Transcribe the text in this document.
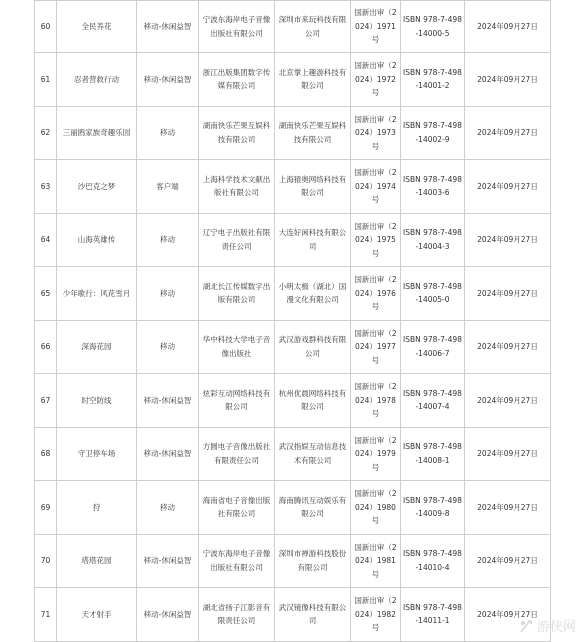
60	全民养花	移动-休闲益智	宁波东海岸电子音像出版社有限公司	深圳市来玩科技有限公司	国新出审（2024）1971号	ISBN 978-7-498-14000-5	2024年09月27日
61	忍者营救行动	移动-休闲益智	浙江出版集团数字传媒有限公司	北京掌上趣游科技有限公司	国新出审（2024）1972号	ISBN 978-7-498-14001-2	2024年09月27日
62	三丽鸥家族奇趣乐园	移动	湖南快乐芒果互娱科技有限公司	湖南快乐芒果互娱科技有限公司	国新出审（2024）1973号	ISBN 978-7-498-14002-9	2024年09月27日
63	沙巴克之梦	客户端	上海科学技术文献出版社有限公司	上海猿奥网络科技有限公司	国新出审（2024）1974号	ISBN 978-7-498-14003-6	2024年09月27日
64	山海英雄传	移动	辽宁电子出版社有限责任公司	大连好闲科技有限公司	国新出审（2024）1975号	ISBN 978-7-498-14004-3	2024年09月27日
65	少年歌行：风花雪月	移动	湖北长江传媒数字出版有限公司	小明太极（湖北）国漫文化有限公司	国新出审（2024）1976号	ISBN 978-7-498-14005-0	2024年09月27日
66	深海花园	移动	华中科技大学电子音像出版社	武汉游戏群科技有限公司	国新出审（2024）1977号	ISBN 978-7-498-14006-7	2024年09月27日
67	时空防线	移动-休闲益智	炫彩互动网络科技有限公司	杭州优晨网络科技有限公司	国新出审（2024）1978号	ISBN 978-7-498-14007-4	2024年09月27日
68	守卫停车场	移动-休闲益智	方圆电子音像出版社有限责任公司	武汉指娱互动信息技术有限公司	国新出审（2024）1979号	ISBN 978-7-498-14008-1	2024年09月27日
69	狩	移动	海南省电子音像出版社有限公司	海南腾讯互动娱乐有限公司	国新出审（2024）1980号	ISBN 978-7-498-14009-8	2024年09月27日
70	塔塔花园	移动-休闲益智	宁波东海岸电子音像出版社有限公司	深圳市禅游科技股份有限公司	国新出审（2024）1981号	ISBN 978-7-498-14010-4	2024年09月27日
71	天才射手	移动-休闲益智	湖北省扬子江影音有限责任公司	武汉镜像科技有限公司	国新出审（2024）1982号	ISBN 978-7-498-14011-1	2024年09月27日
游侠网
